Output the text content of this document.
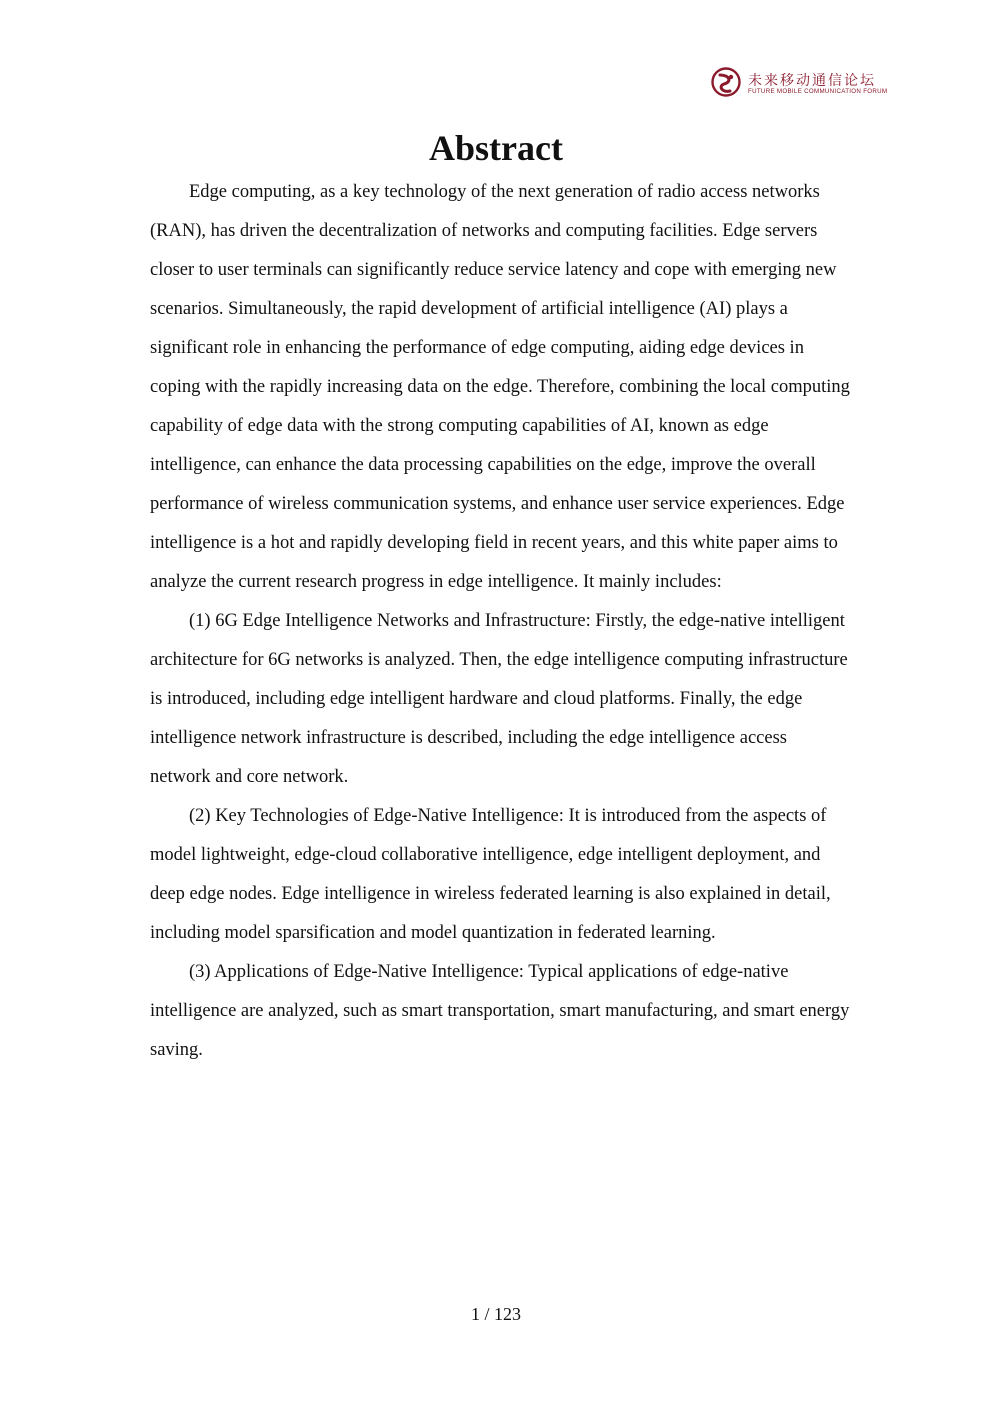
未来移动通信论坛
FUTURE MOBILE COMMUNICATION FORUM
Abstract

Edge computing, as a key technology of the next generation of radio access networks (RAN), has driven the decentralization of networks and computing facilities. Edge servers closer to user terminals can significantly reduce service latency and cope with emerging new scenarios. Simultaneously, the rapid development of artificial intelligence (AI) plays a significant role in enhancing the performance of edge computing, aiding edge devices in coping with the rapidly increasing data on the edge. Therefore, combining the local computing capability of edge data with the strong computing capabilities of AI, known as edge intelligence, can enhance the data processing capabilities on the edge, improve the overall performance of wireless communication systems, and enhance user service experiences. Edge intelligence is a hot and rapidly developing field in recent years, and this white paper aims to analyze the current research progress in edge intelligence. It mainly includes:

(1) 6G Edge Intelligence Networks and Infrastructure: Firstly, the edge-native intelligent architecture for 6G networks is analyzed. Then, the edge intelligence computing infrastructure is introduced, including edge intelligent hardware and cloud platforms. Finally, the edge intelligence network infrastructure is described, including the edge intelligence access network and core network.

(2) Key Technologies of Edge-Native Intelligence: It is introduced from the aspects of model lightweight, edge-cloud collaborative intelligence, edge intelligent deployment, and deep edge nodes. Edge intelligence in wireless federated learning is also explained in detail, including model sparsification and model quantization in federated learning.

(3) Applications of Edge-Native Intelligence: Typical applications of edge-native intelligence are analyzed, such as smart transportation, smart manufacturing, and smart energy saving.

1 / 123
